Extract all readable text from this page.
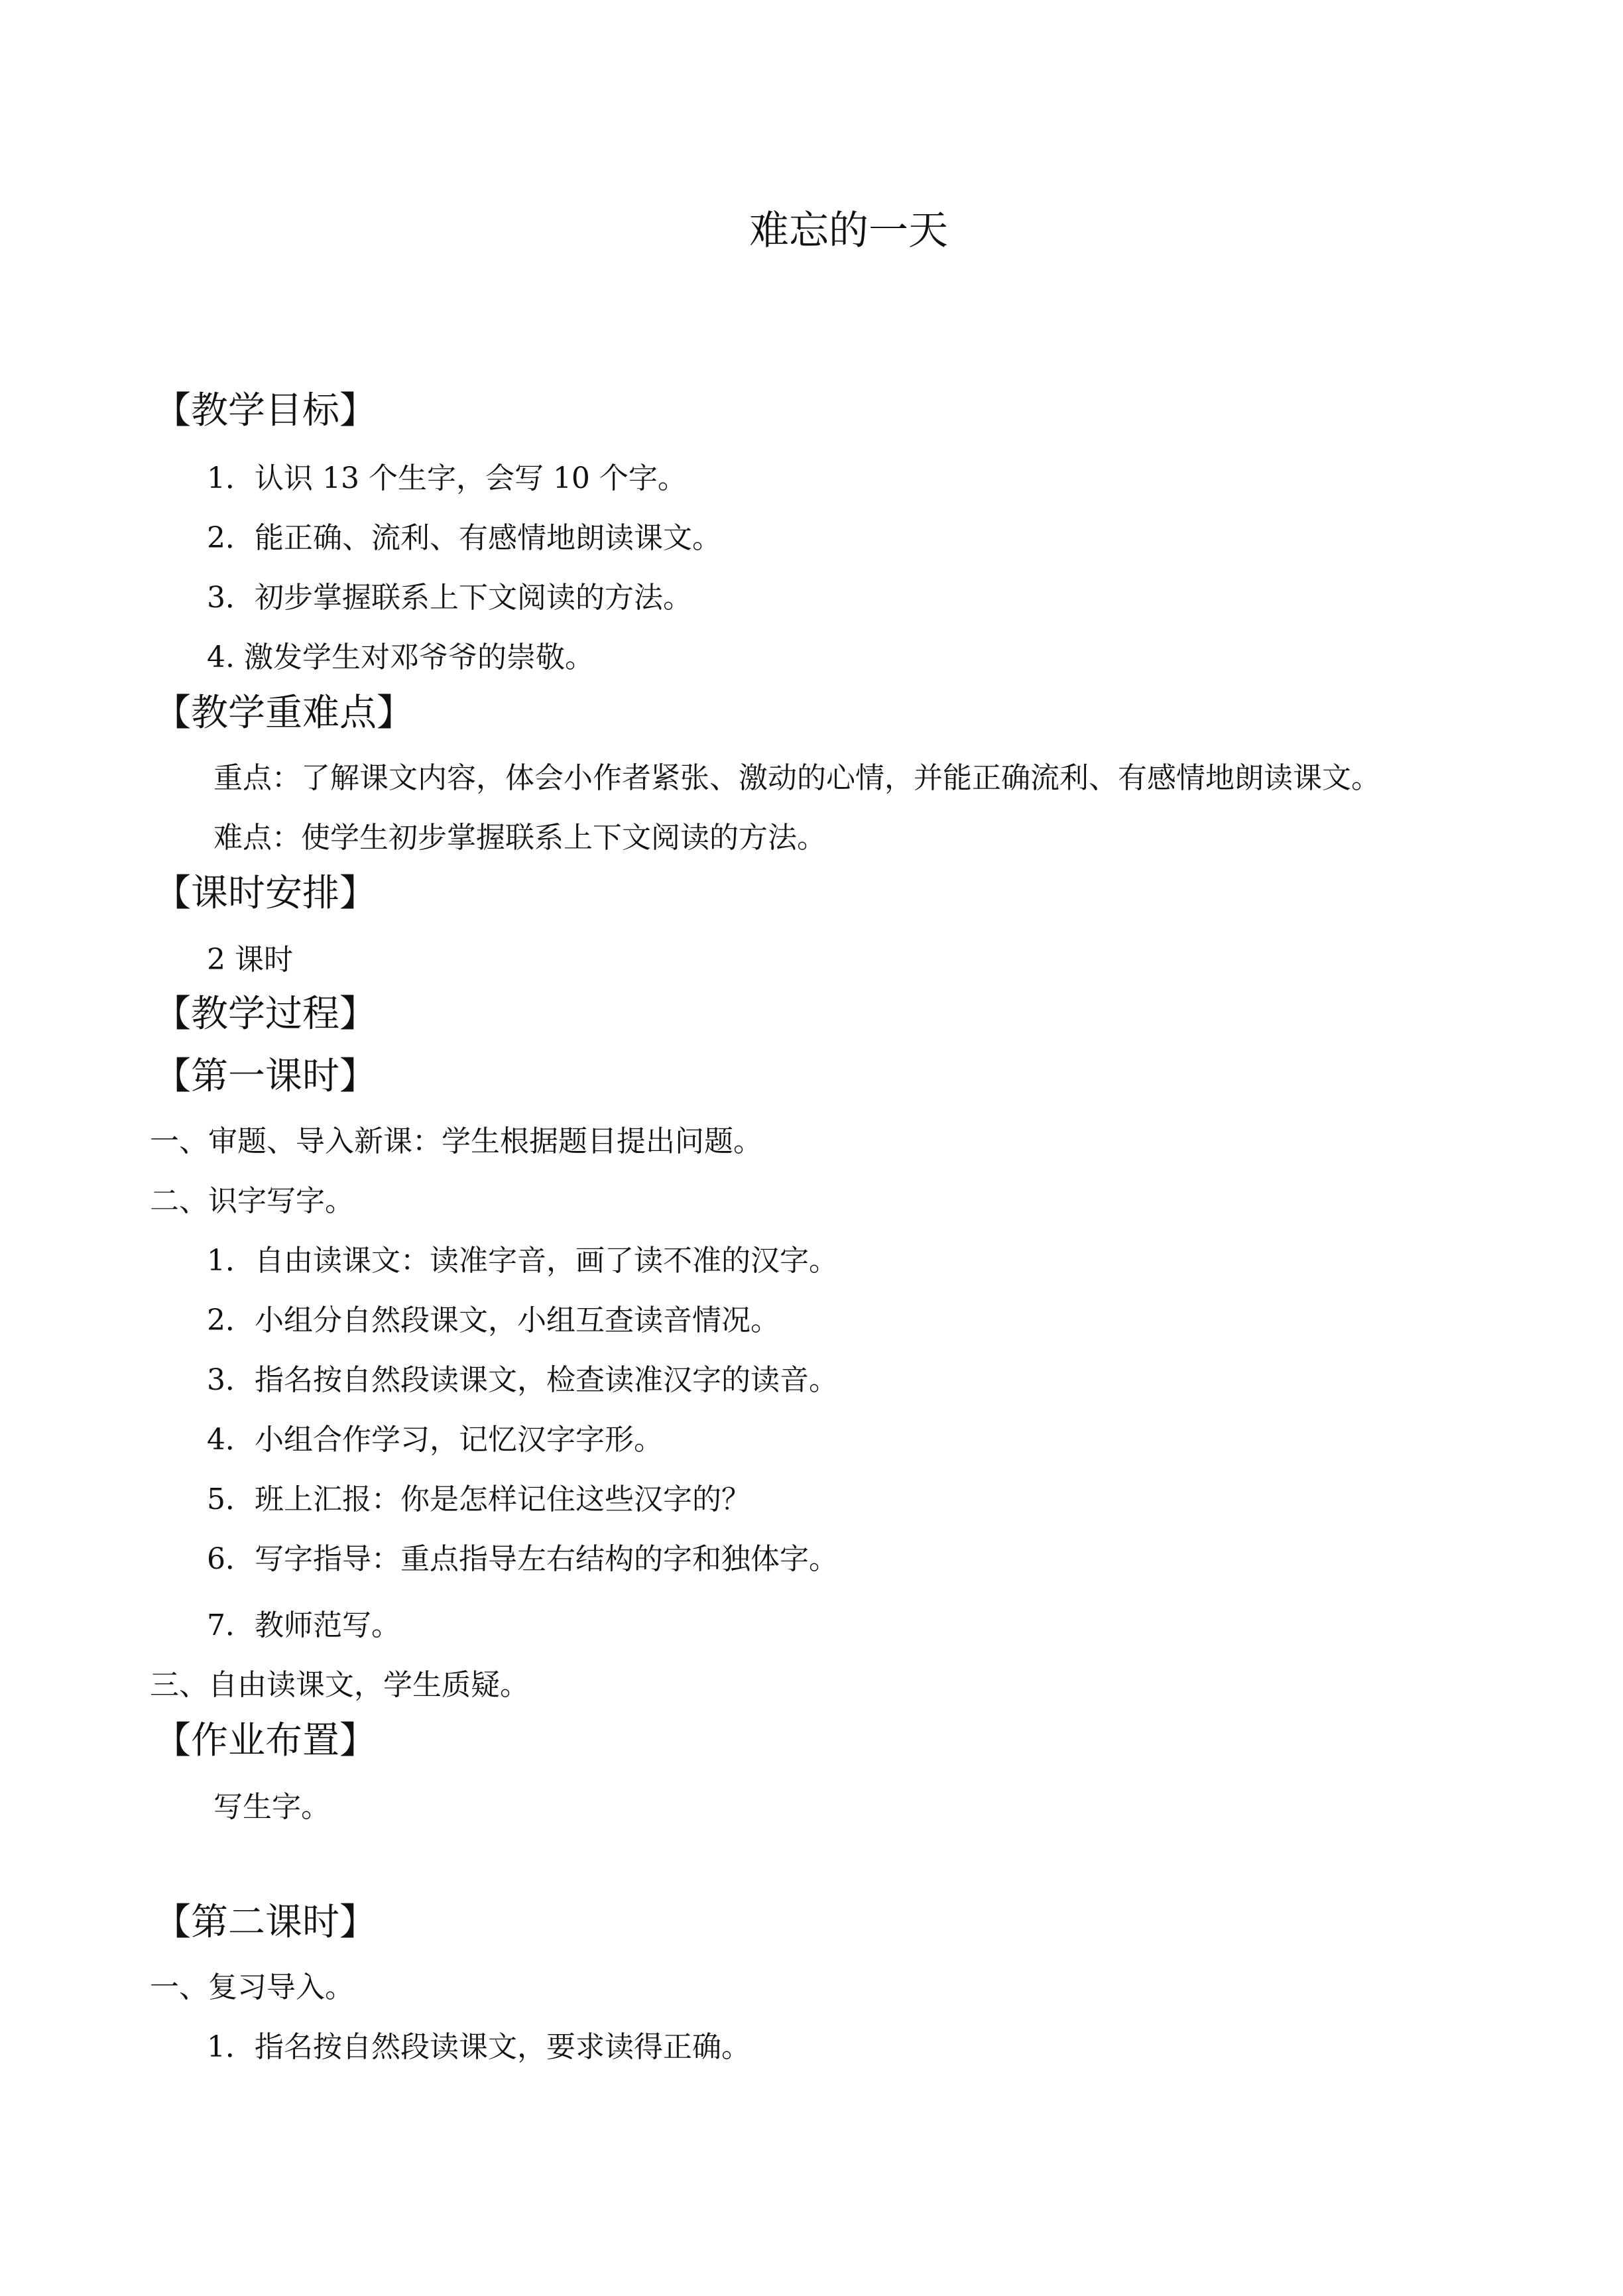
难忘的一天
【教学目标】
1．认识 13 个生字，会写 10 个字。
2．能正确、流利、有感情地朗读课文。
3．初步掌握联系上下文阅读的方法。
4. 激发学生对邓爷爷的崇敬。
【教学重难点】
重点：了解课文内容，体会小作者紧张、激动的心情，并能正确流利、有感情地朗读课文。
难点：使学生初步掌握联系上下文阅读的方法。
【课时安排】
2 课时
【教学过程】
【第一课时】
一、审题、导入新课：学生根据题目提出问题。
二、识字写字。
1．自由读课文：读准字音，画了读不准的汉字。
2．小组分自然段课文，小组互查读音情况。
3．指名按自然段读课文，检查读准汉字的读音。
4．小组合作学习，记忆汉字字形。
5．班上汇报：你是怎样记住这些汉字的？
6．写字指导：重点指导左右结构的字和独体字。
7．教师范写。
三、自由读课文，学生质疑。
【作业布置】
写生字。
【第二课时】
一、复习导入。
1．指名按自然段读课文，要求读得正确。
